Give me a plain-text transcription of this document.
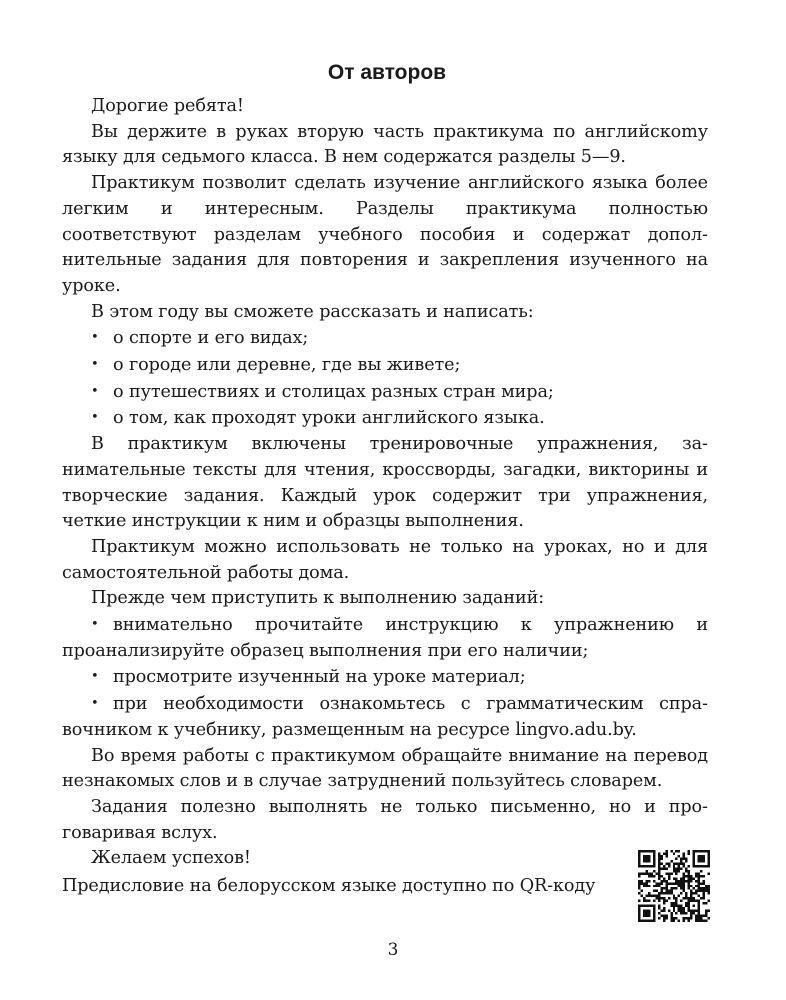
От авторов

Дорогие ребята!

Вы держите в руках вторую часть практикума по английскоmу языку для седьмого класса. В нем содержатся разделы 5—9.

Практикум позволит сделать изучение английского языка более легким и интересным. Разделы практикума полностью соответствуют разделам учебного пособия и содержат дополнительные задания для повторения и закрепления изученного на уроке.

В этом году вы сможете рассказать и написать:

• о спорте и его видах;

• о городе или деревне, где вы живете;

• о путешествиях и столицах разных стран мира;

• о том, как проходят уроки английского языка.

В практикум включены тренировочные упражнения, занимательные тексты для чтения, кроссворды, загадки, викторины и творческие задания. Каждый урок содержит три упражнения, четкие инструкции к ним и образцы выполнения.

Практикум можно использовать не только на уроках, но и для самостоятельной работы дома.

Прежде чем приступить к выполнению заданий:

• внимательно прочитайте инструкцию к упражнению и проанализируйте образец выполнения при его наличии;

• просмотрите изученный на уроке материал;

• при необходимости ознакомьтесь с грамматическим справочником к учебнику, размещенным на ресурсе lingvo.adu.by.

Во время работы с практикумом обращайте внимание на перевод незнакомых слов и в случае затруднений пользуйтесь словарем.

Задания полезно выполнять не только письменно, но и проговаривая вслух.

Желаем успехов!

Предисловие на белорусском языке доступно по QR-коду
3
